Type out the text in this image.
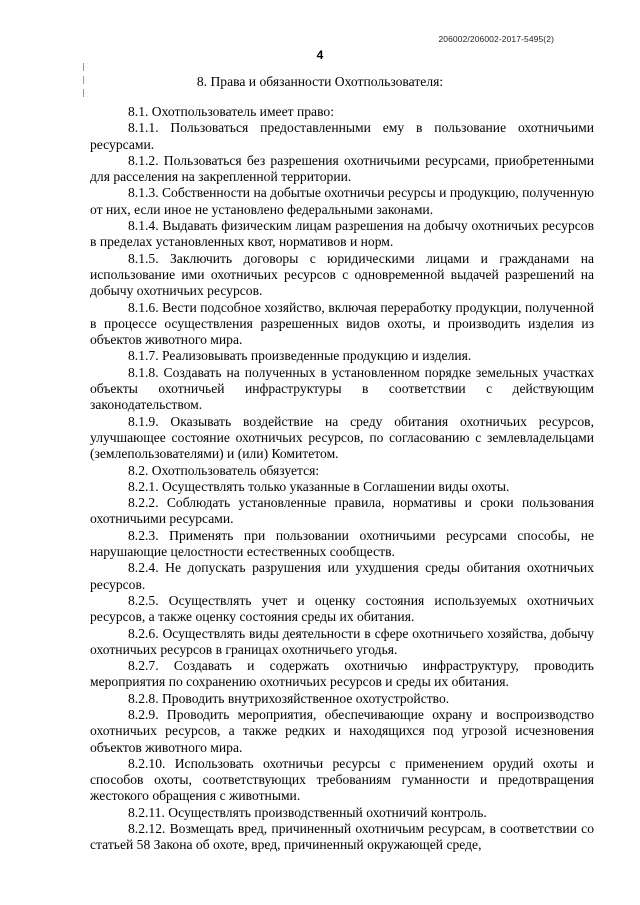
206002/206002-2017-5495(2)
4
8. Права и обязанности Охотпользователя:

8.1. Охотпользователь имеет право:

8.1.1. Пользоваться предоставленными ему в пользование охотничьими ресурсами.

8.1.2. Пользоваться без разрешения охотничьими ресурсами, приобретенными для расселения на закрепленной территории.

8.1.3. Собственности на добытые охотничьи ресурсы и продукцию, полученную от них, если иное не установлено федеральными законами.

8.1.4. Выдавать физическим лицам разрешения на добычу охотничьих ресурсов в пределах установленных квот, нормативов и норм.

8.1.5. Заключить договоры с юридическими лицами и гражданами на использование ими охотничьих ресурсов с одновременной выдачей разрешений на добычу охотничьих ресурсов.

8.1.6. Вести подсобное хозяйство, включая переработку продукции, полученной в процессе осуществления разрешенных видов охоты, и производить изделия из объектов животного мира.

8.1.7. Реализовывать произведенные продукцию и изделия.

8.1.8. Создавать на полученных в установленном порядке земельных участках объекты охотничьей инфраструктуры в соответствии с действующим законодательством.

8.1.9. Оказывать воздействие на среду обитания охотничьих ресурсов, улучшающее состояние охотничьих ресурсов, по согласованию с землевладельцами (землепользователями) и (или) Комитетом.

8.2. Охотпользователь обязуется:

8.2.1. Осуществлять только указанные в Соглашении виды охоты.

8.2.2. Соблюдать установленные правила, нормативы и сроки пользования охотничьими ресурсами.

8.2.3. Применять при пользовании охотничьими ресурсами способы, не нарушающие целостности естественных сообществ.

8.2.4. Не допускать разрушения или ухудшения среды обитания охотничьих ресурсов.

8.2.5. Осуществлять учет и оценку состояния используемых охотничьих ресурсов, а также оценку состояния среды их обитания.

8.2.6. Осуществлять виды деятельности в сфере охотничьего хозяйства, добычу охотничьих ресурсов в границах охотничьего угодья.

8.2.7. Создавать и содержать охотничью инфраструктуру, проводить мероприятия по сохранению охотничьих ресурсов и среды их обитания.

8.2.8. Проводить внутрихозяйственное охотустройство.

8.2.9. Проводить мероприятия, обеспечивающие охрану и воспроизводство охотничьих ресурсов, а также редких и находящихся под угрозой исчезновения объектов животного мира.

8.2.10. Использовать охотничьи ресурсы с применением орудий охоты и способов охоты, соответствующих требованиям гуманности и предотвращения жестокого обращения с животными.

8.2.11. Осуществлять производственный охотничий контроль.

8.2.12. Возмещать вред, причиненный охотничьим ресурсам, в соответствии со статьей 58 Закона об охоте, вред, причиненный окружающей среде,
